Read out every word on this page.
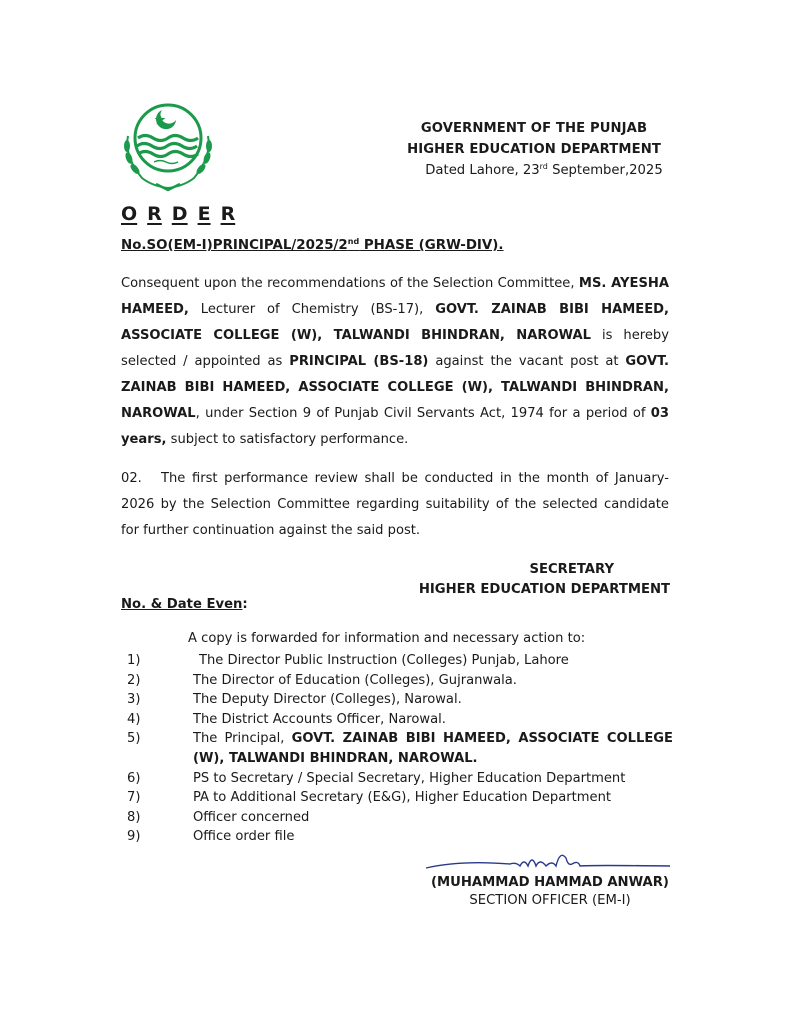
GOVERNMENT OF THE PUNJAB
HIGHER EDUCATION DEPARTMENT
Dated Lahore, 23rd September,2025
O R D E R
No.SO(EM-I)PRINCIPAL/2025/2nd PHASE (GRW-DIV).
Consequent upon the recommendations of the Selection Committee, MS. AYESHA HAMEED, Lecturer of Chemistry (BS-17), GOVT. ZAINAB BIBI HAMEED, ASSOCIATE COLLEGE (W), TALWANDI BHINDRAN, NAROWAL is hereby selected / appointed as PRINCIPAL (BS-18) against the vacant post at GOVT. ZAINAB BIBI HAMEED, ASSOCIATE COLLEGE (W), TALWANDI BHINDRAN, NAROWAL, under Section 9 of Punjab Civil Servants Act, 1974 for a period of 03 years, subject to satisfactory performance.
02. The first performance review shall be conducted in the month of January-2026 by the Selection Committee regarding suitability of the selected candidate for further continuation against the said post.
SECRETARY
HIGHER EDUCATION DEPARTMENT
No. & Date Even:
A copy is forwarded for information and necessary action to:
1)	The Director Public Instruction (Colleges) Punjab, Lahore
2)	The Director of Education (Colleges), Gujranwala.
3)	The Deputy Director (Colleges), Narowal.
4)	The District Accounts Officer, Narowal.
5)	The Principal, GOVT. ZAINAB BIBI HAMEED, ASSOCIATE COLLEGE (W), TALWANDI BHINDRAN, NAROWAL.
6)	PS to Secretary / Special Secretary, Higher Education Department
7)	PA to Additional Secretary (E&G), Higher Education Department
8)	Officer concerned
9)	Office order file
(MUHAMMAD HAMMAD ANWAR)
SECTION OFFICER (EM-I)
